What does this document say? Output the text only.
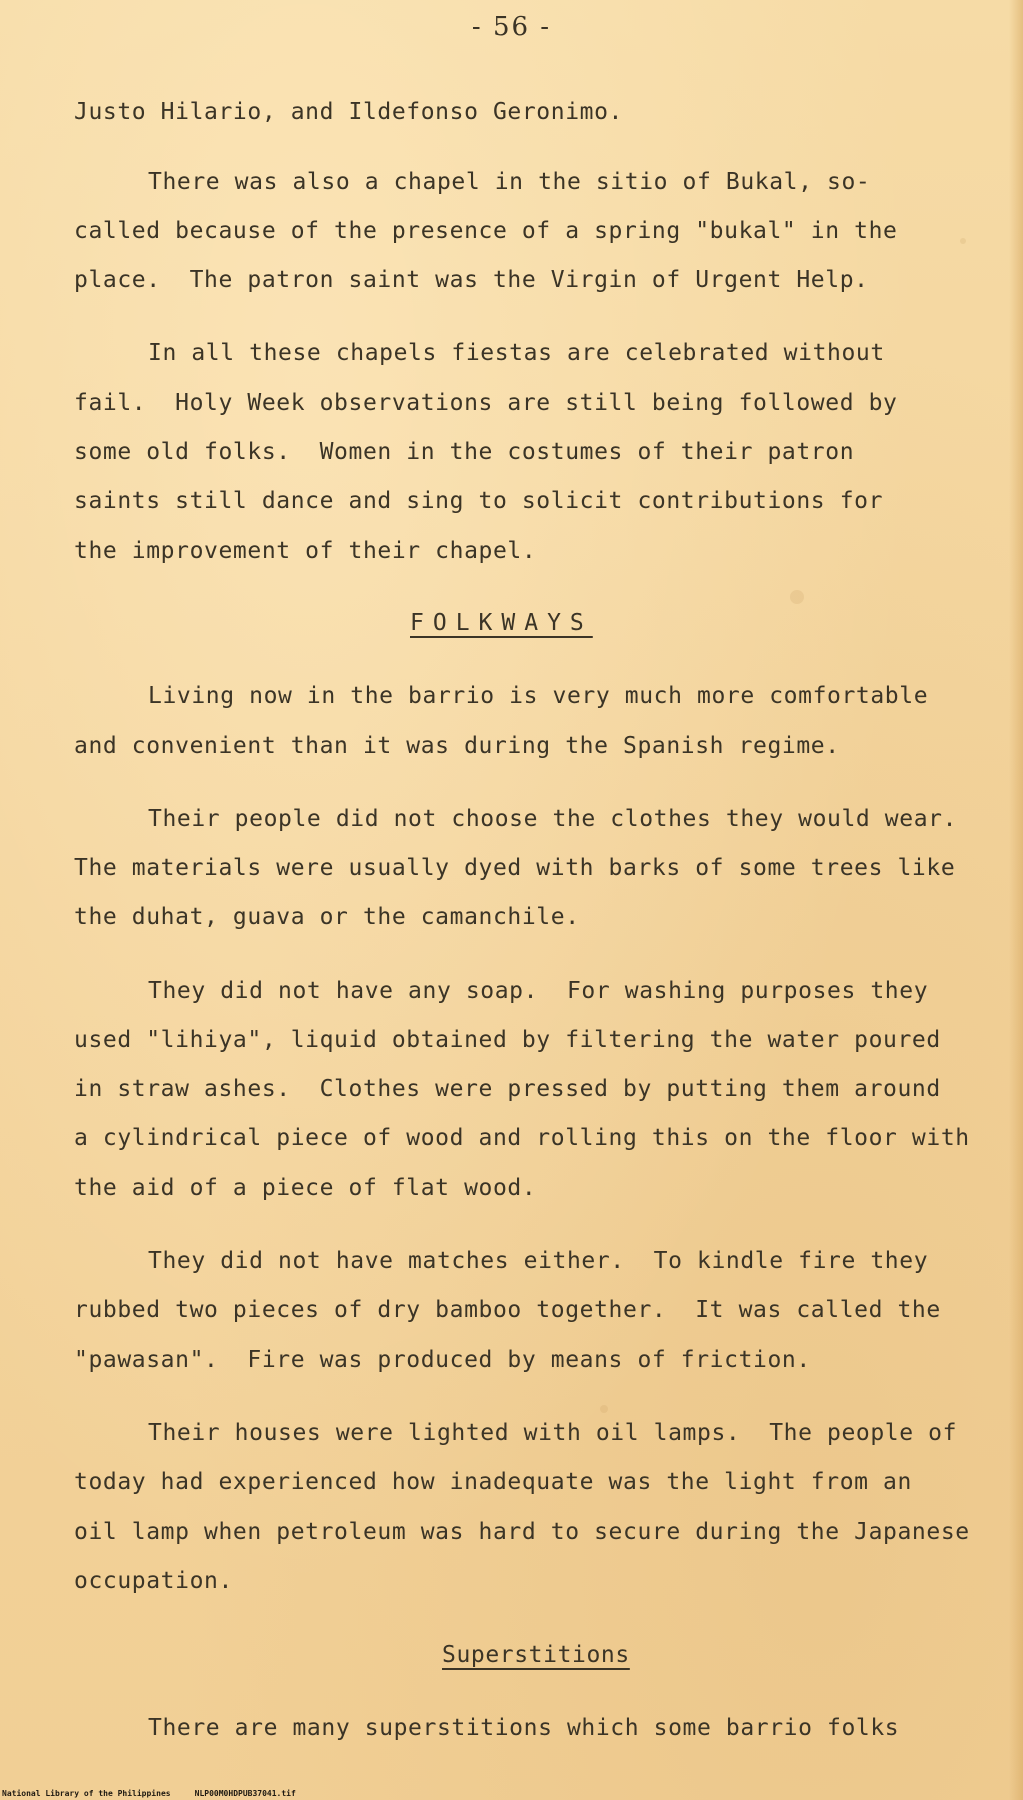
- 56 -
Justo Hilario, and Ildefonso Geronimo.
There was also a chapel in the sitio of Bukal, so-
called because of the presence of a spring "bukal" in the
place.  The patron saint was the Virgin of Urgent Help.
In all these chapels fiestas are celebrated without
fail.  Holy Week observations are still being followed by
some old folks.  Women in the costumes of their patron
saints still dance and sing to solicit contributions for
the improvement of their chapel.
FOLKWAYS
Living now in the barrio is very much more comfortable
and convenient than it was during the Spanish regime.
Their people did not choose the clothes they would wear.
The materials were usually dyed with barks of some trees like
the duhat, guava or the camanchile.
They did not have any soap.  For washing purposes they
used "lihiya", liquid obtained by filtering the water poured
in straw ashes.  Clothes were pressed by putting them around
a cylindrical piece of wood and rolling this on the floor with
the aid of a piece of flat wood.
They did not have matches either.  To kindle fire they
rubbed two pieces of dry bamboo together.  It was called the
"pawasan".  Fire was produced by means of friction.
Their houses were lighted with oil lamps.  The people of
today had experienced how inadequate was the light from an
oil lamp when petroleum was hard to secure during the Japanese
occupation.
Superstitions
There are many superstitions which some barrio folks
National Library of the Philippines     NLP00M0HDPUB37041.tif
